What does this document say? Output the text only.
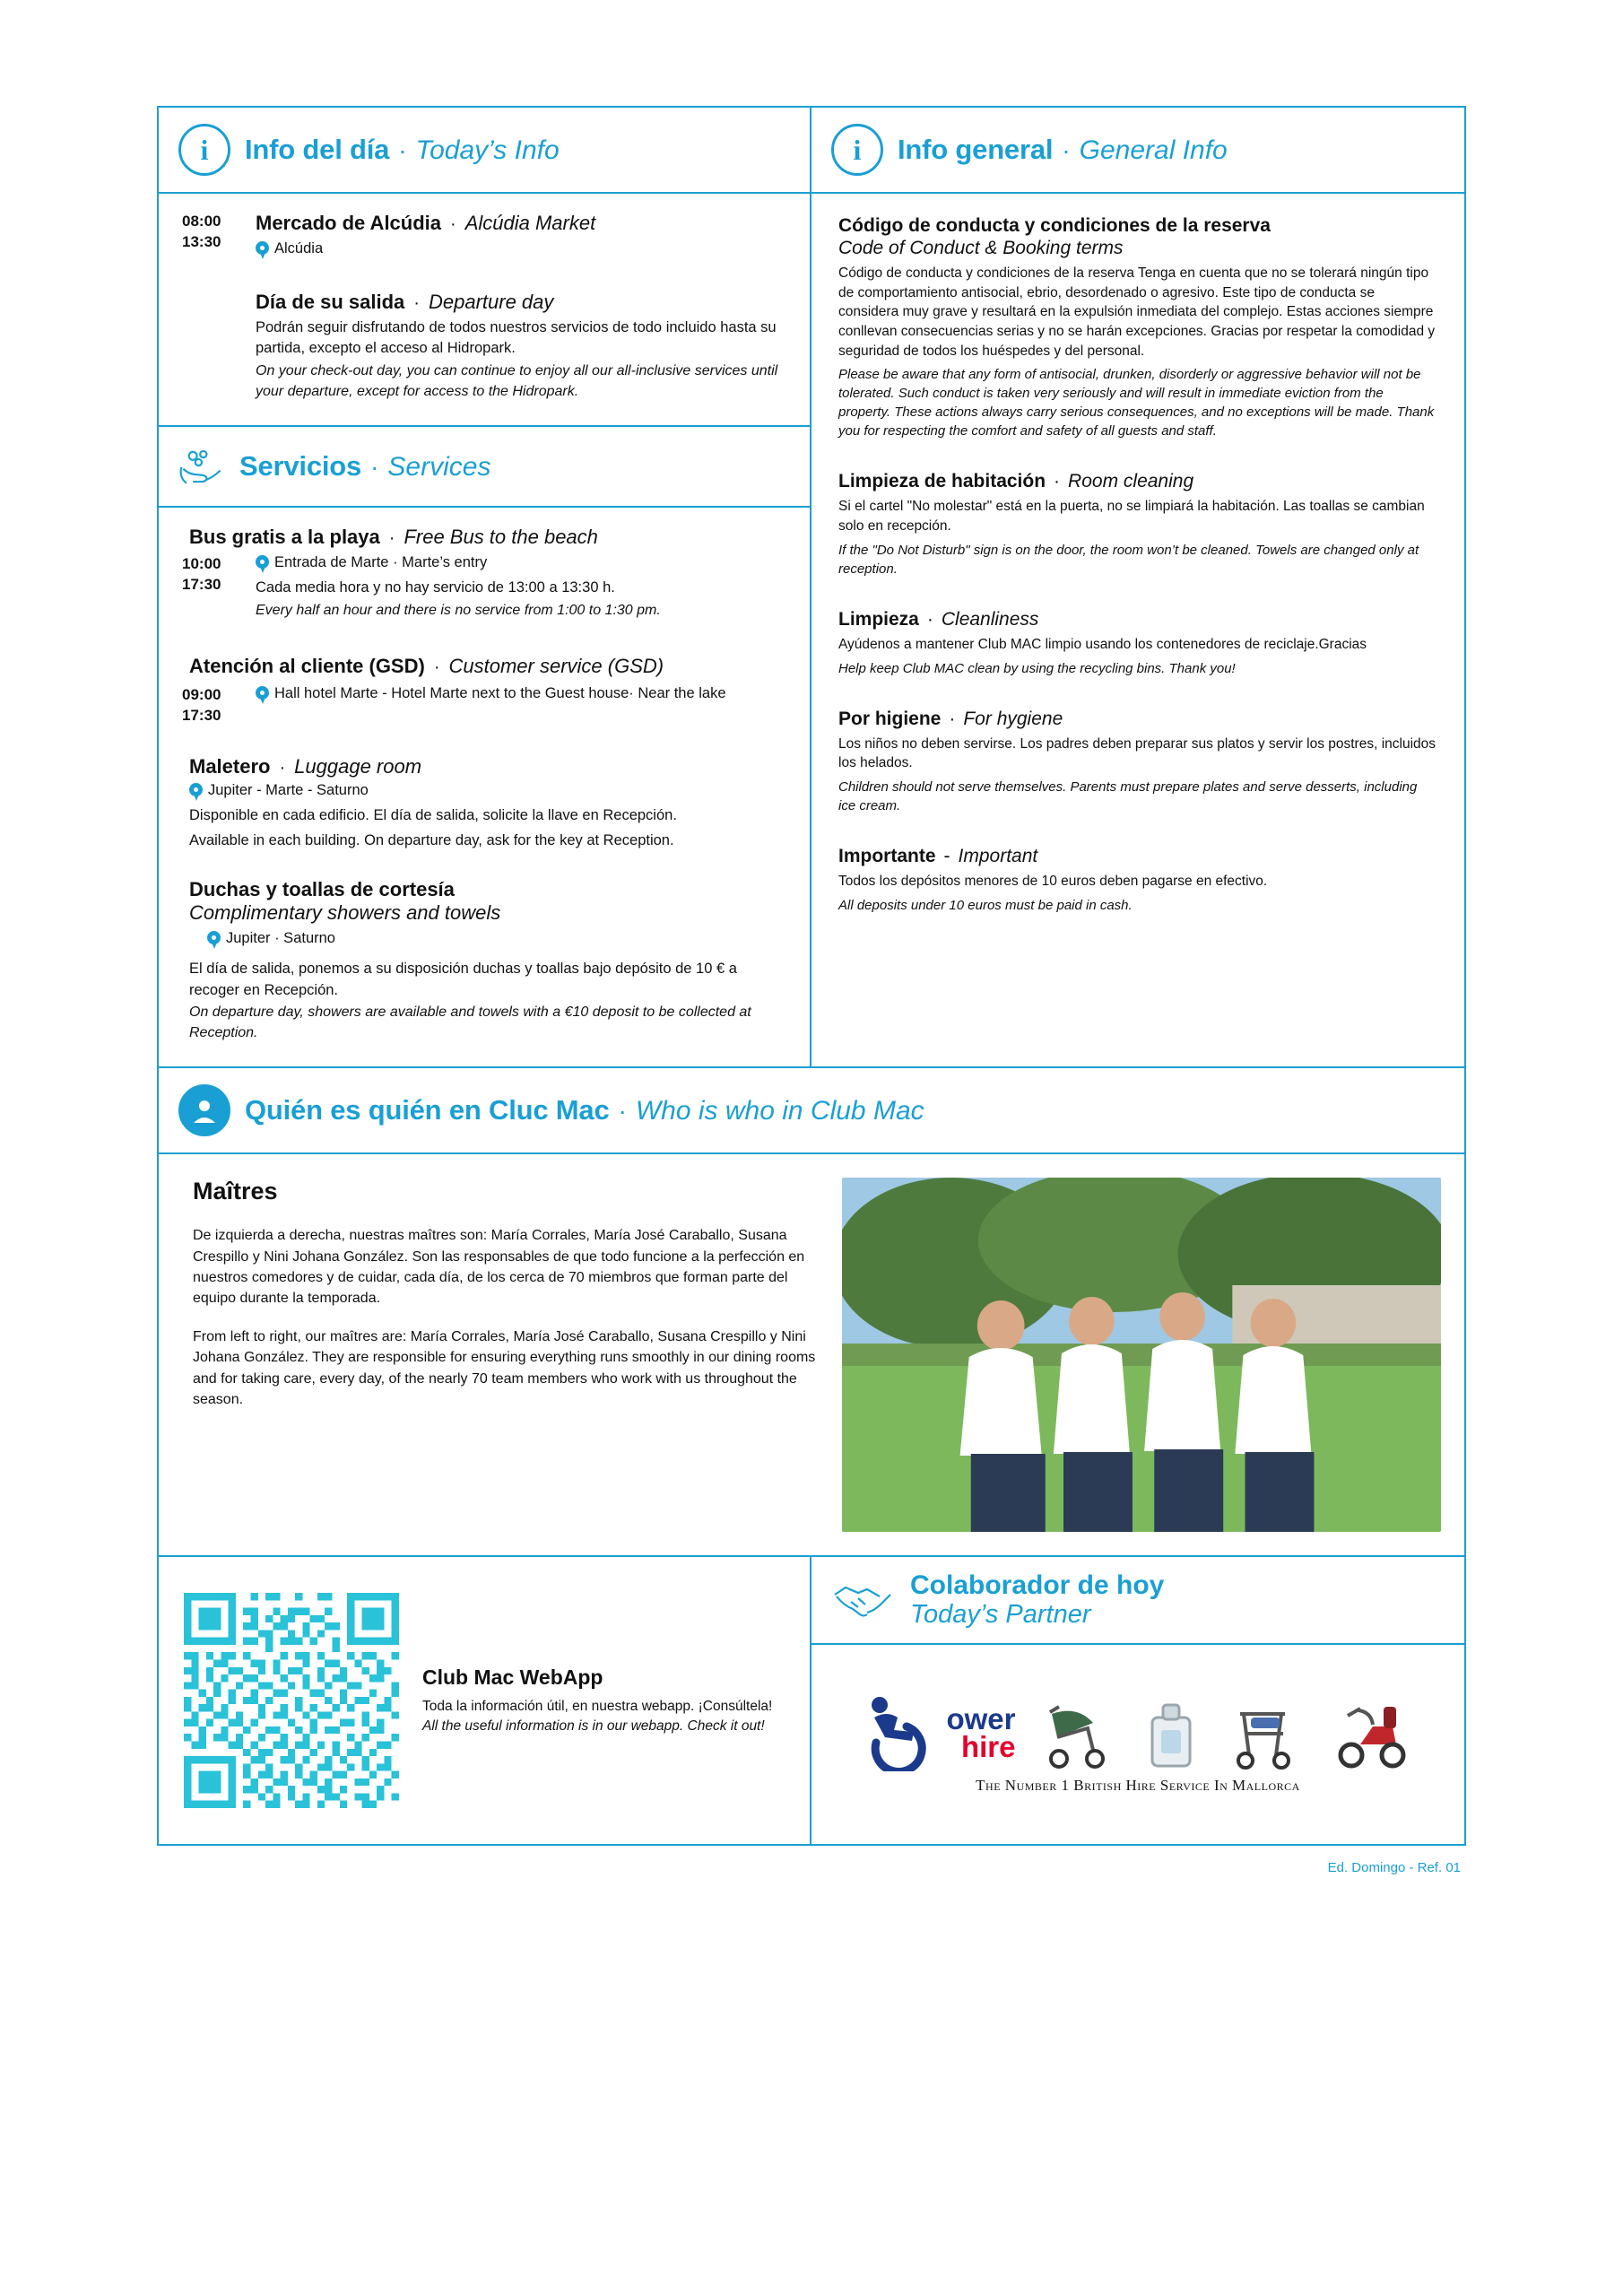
i	Info del día · Today’s Info
08:00
13:30
Mercado de Alcúdia · Alcúdia Market
Alcúdia
Día de su salida · Departure day

Podrán seguir disfrutando de todos nuestros servicios de todo incluido hasta su partida, excepto el acceso al Hidropark.

On your check-out day, you can continue to enjoy all our all-inclusive services until your departure, except for access to the Hidropark.

Servicios · Services
Bus gratis a la playa · Free Bus to the beach
10:00
17:30
Entrada de Marte · Marte’s entry

Cada media hora y no hay servicio de 13:00 a 13:30 h.

Every half an hour and there is no service from 1:00 to 1:30 pm.

Atención al cliente (GSD) · Customer service (GSD)
09:00
17:30
Hall hotel Marte - Hotel Marte next to the Guest house· Near the lake
Maletero · Luggage room
Jupiter - Marte - Saturno

Disponible en cada edificio. El día de salida, solicite la llave en Recepción.

Available in each building. On departure day, ask for the key at Reception.

Duchas y toallas de cortesía
Complimentary showers and towels
Jupiter · Saturno

El día de salida, ponemos a su disposición duchas y toallas bajo depósito de 10 € a recoger en Recepción.

On departure day, showers are available and towels with a €10 deposit to be collected at Reception.

i	Info general · General Info
Código de conducta y condiciones de la reserva
Code of Conduct & Booking terms

Código de conducta y condiciones de la reserva Tenga en cuenta que no se tolerará ningún tipo de comportamiento antisocial, ebrio, desordenado o agresivo. Este tipo de conducta se considera muy grave y resultará en la expulsión inmediata del complejo. Estas acciones siempre conllevan consecuencias serias y no se harán excepciones. Gracias por respetar la comodidad y seguridad de todos los huéspedes y del personal.

Please be aware that any form of antisocial, drunken, disorderly or aggressive behavior will not be tolerated. Such conduct is taken very seriously and will result in immediate eviction from the property. These actions always carry serious consequences, and no exceptions will be made. Thank you for respecting the comfort and safety of all guests and staff.

Limpieza de habitación · Room cleaning

Si el cartel "No molestar" está en la puerta, no se limpiará la habitación. Las toallas se cambian solo en recepción.

If the "Do Not Disturb" sign is on the door, the room won’t be cleaned. Towels are changed only at reception.

Limpieza · Cleanliness

Ayúdenos a mantener Club MAC limpio usando los contenedores de reciclaje.Gracias

Help keep Club MAC clean by using the recycling bins. Thank you!

Por higiene · For hygiene

Los niños no deben servirse. Los padres deben preparar sus platos y servir los postres, incluidos los helados.

Children should not serve themselves. Parents must prepare plates and serve desserts, including ice cream.

Importante - Important

Todos los depósitos menores de 10 euros deben pagarse en efectivo.

All deposits under 10 euros must be paid in cash.

Quién es quién en Cluc Mac · Who is who in Club Mac
Maîtres

De izquierda a derecha, nuestras maîtres son: María Corrales, María José Caraballo, Susana Crespillo y Nini Johana González. Son las responsables de que todo funcione a la perfección en nuestros comedores y de cuidar, cada día, de los cerca de 70 miembros que forman parte del equipo durante la temporada.

From left to right, our maîtres are: María Corrales, María José Caraballo, Susana Crespillo y Nini Johana González. They are responsible for ensuring everything runs smoothly in our dining rooms and for taking care, every day, of the nearly 70 team members who work with us throughout the season.

Club Mac WebApp

Toda la información útil, en nuestra webapp. ¡Consúltela!

All the useful information is in our webapp. Check it out!

Colaborador de hoy
Today’s Partner
ower
hire
The Number 1 British Hire Service In Mallorca
Ed. Domingo - Ref. 01
